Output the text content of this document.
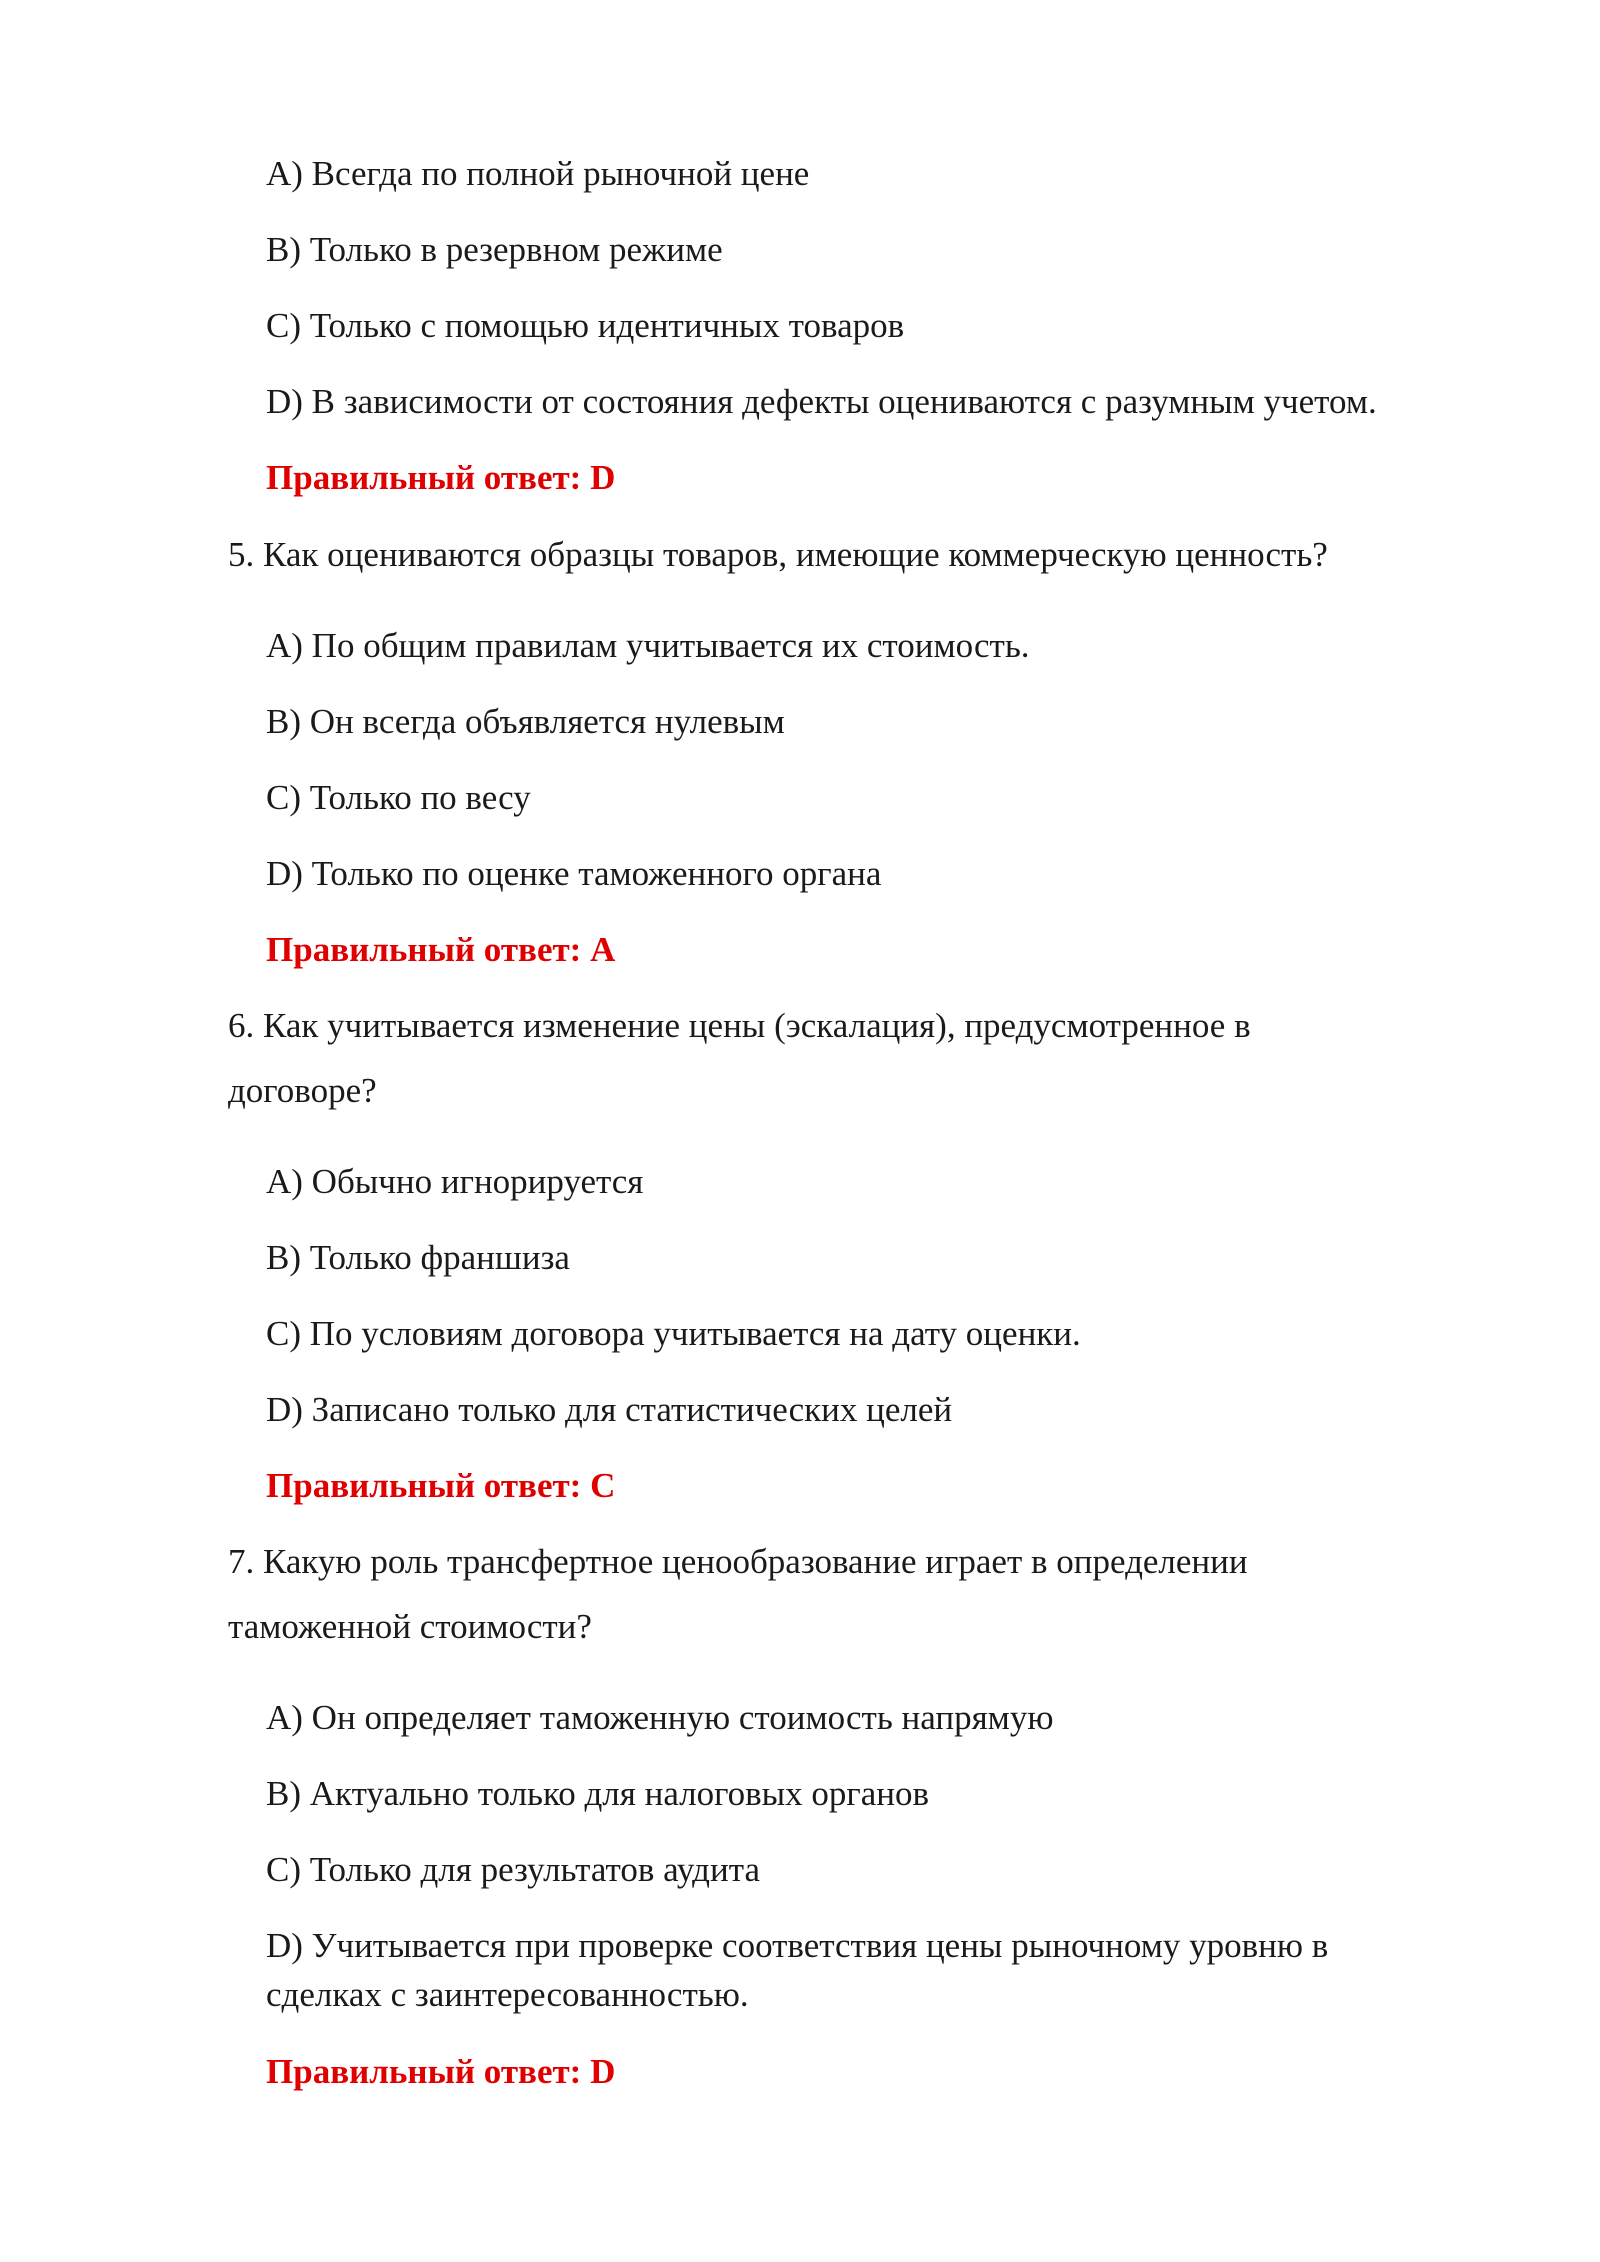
A) Всегда по полной рыночной цене
B) Только в резервном режиме
C) Только с помощью идентичных товаров
D) В зависимости от состояния дефекты оцениваются с разумным учетом.
Правильный ответ: D
5. Как оцениваются образцы товаров, имеющие коммерческую ценность?
A) По общим правилам учитывается их стоимость.
B) Он всегда объявляется нулевым
C) Только по весу
D) Только по оценке таможенного органа
Правильный ответ: A
6. Как учитывается изменение цены (эскалация), предусмотренное в
договоре?
A) Обычно игнорируется
B) Только франшиза
C) По условиям договора учитывается на дату оценки.
D) Записано только для статистических целей
Правильный ответ: C
7. Какую роль трансфертное ценообразование играет в определении
таможенной стоимости?
A) Он определяет таможенную стоимость напрямую
B) Актуально только для налоговых органов
C) Только для результатов аудита
D) Учитывается при проверке соответствия цены рыночному уровню в
сделках с заинтересованностью.
Правильный ответ: D
